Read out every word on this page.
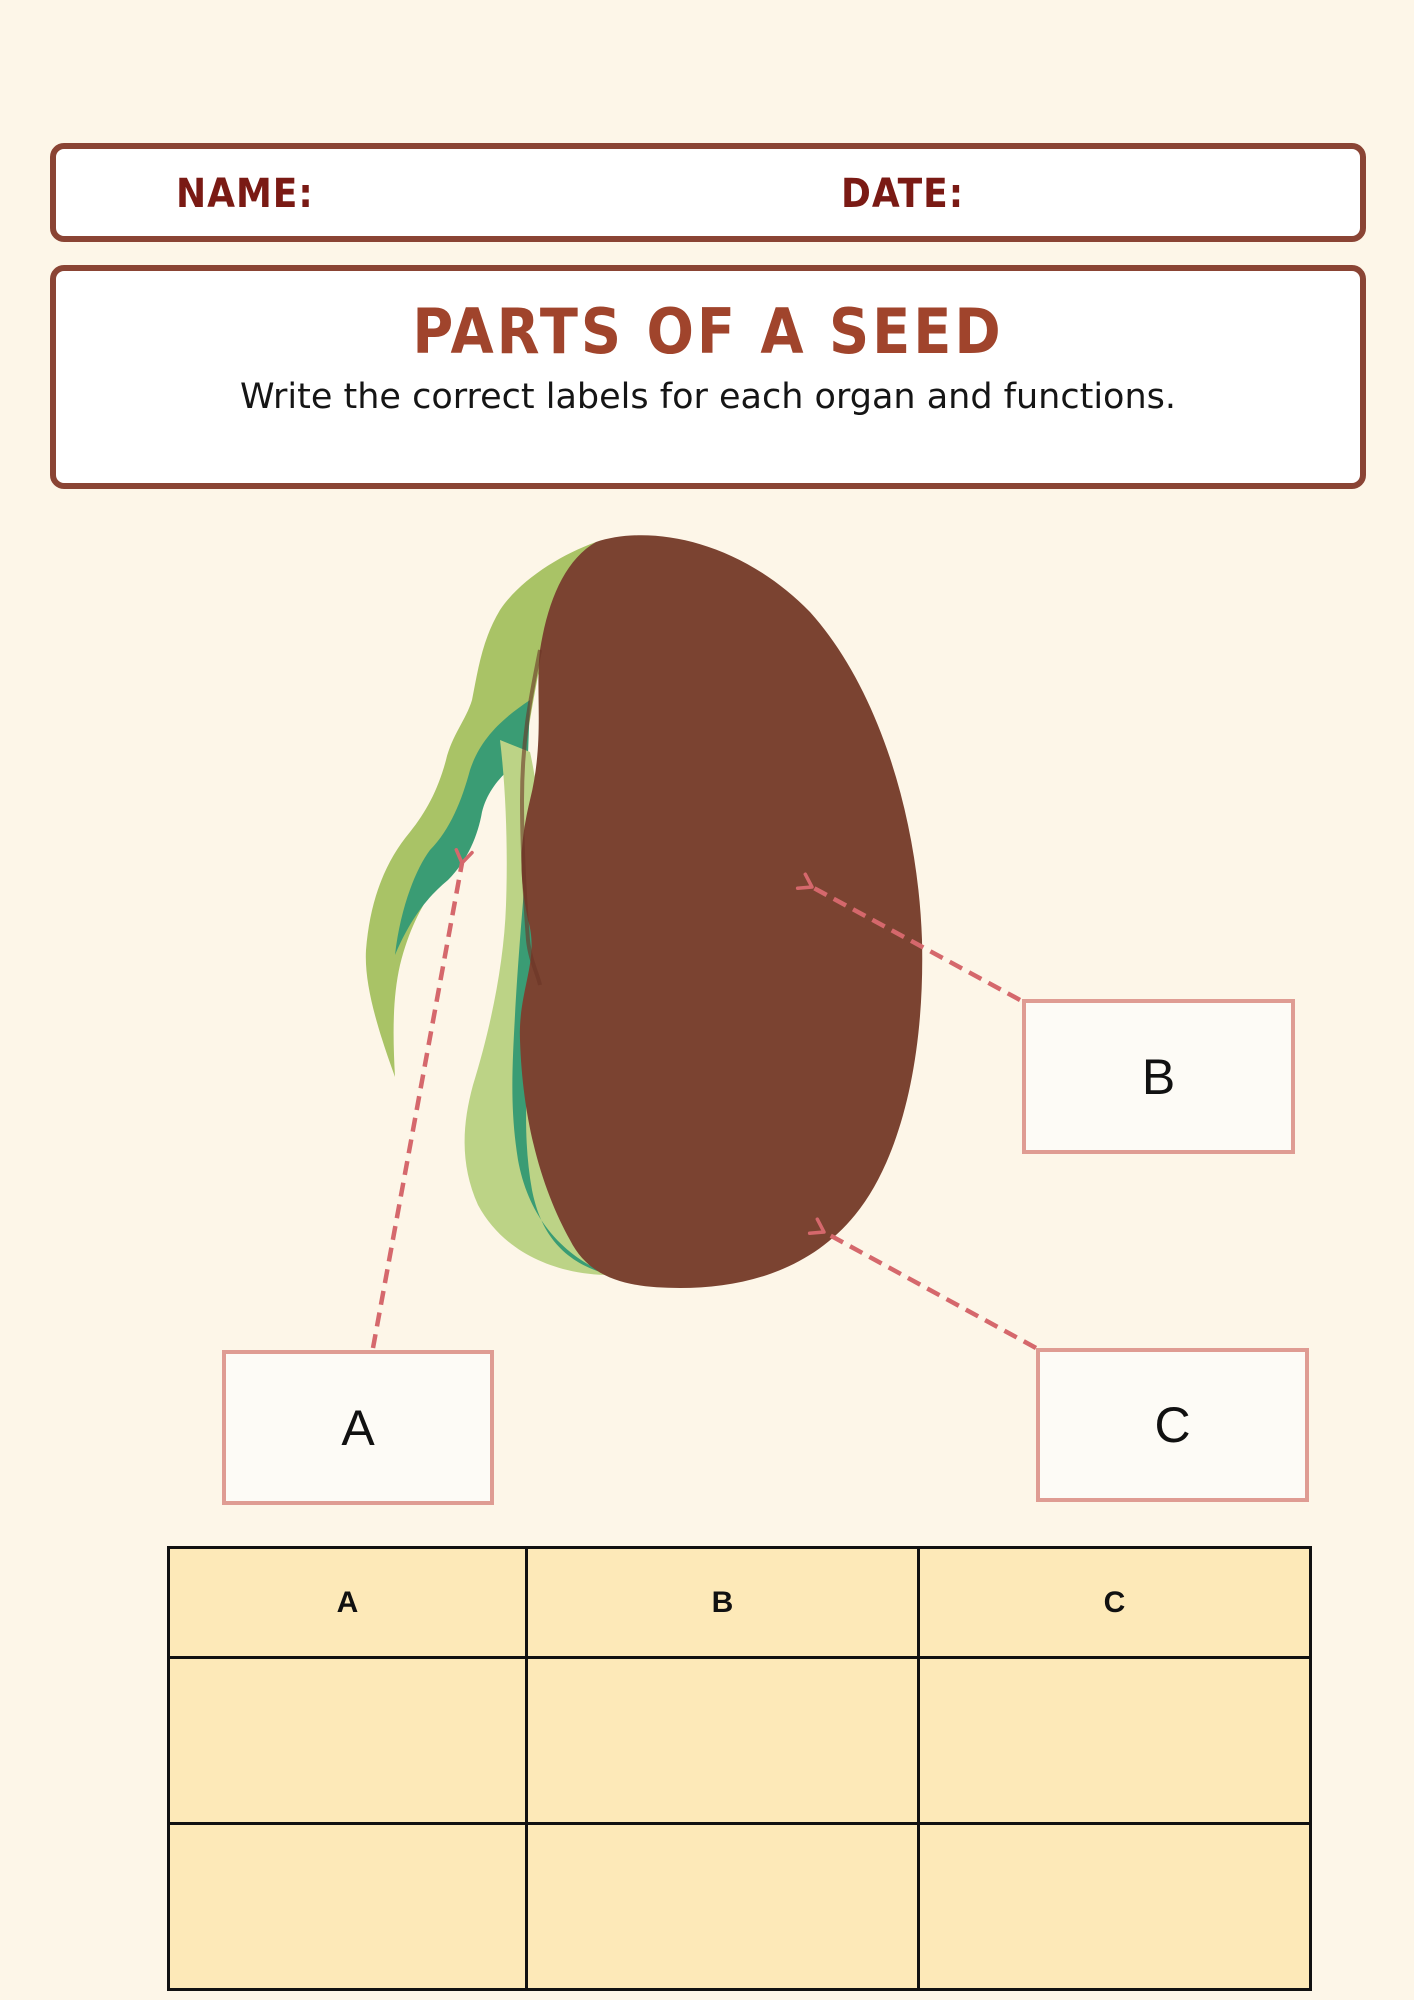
NAME:	DATE:
PARTS OF A SEED
Write the correct labels for each organ and functions.
A
B
C
A	B	C
